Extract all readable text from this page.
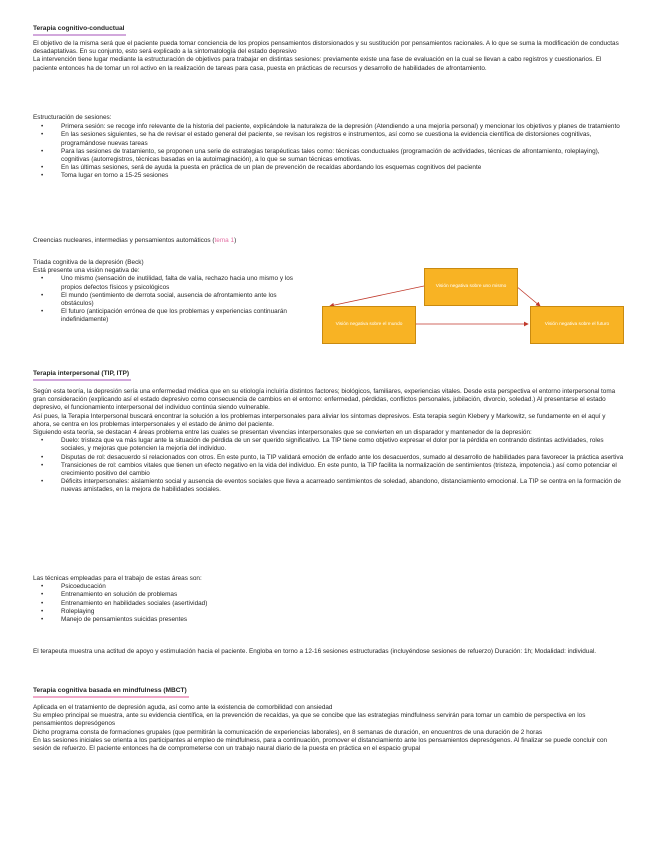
Terapia cognitivo-conductual

El objetivo de la misma será que el paciente pueda tomar conciencia de los propios pensamientos distorsionados y su sustitución por pensamientos racionales. A lo que se suma la modificación de conductas desadaptativas. En su conjunto, esto será explicado a la sintomatología del estado depresivo

La intervención tiene lugar mediante la estructuración de objetivos para trabajar en distintas sesiones: previamente existe una fase de evaluación en la cual se llevan a cabo registros y cuestionarios. El paciente entonces ha de tomar un rol activo en la realización de tareas para casa, puesta en prácticas de recursos y desarrollo de habilidades de afrontamiento.

Estructuración de sesiones:

•	Primera sesión: se recoge info relevante de la historia del paciente, explicándole la naturaleza de la depresión (Atendiendo a una mejoría personal) y mencionar los objetivos y planes de tratamiento
•	En las sesiones siguientes, se ha de revisar el estado general del paciente, se revisan los registros e instrumentos, así como se cuestiona la evidencia científica de distorsiones cognitivas, programándose nuevas tareas
•	Para las sesiones de tratamiento, se proponen una serie de estrategias terapéuticas tales como: técnicas conductuales (programación de actividades, técnicas de afrontamiento, roleplaying), cognitivas (autorregistros, técnicas basadas en la autoimaginación), a lo que se suman técnicas emotivas.
•	En las últimas sesiones, será de ayuda la puesta en práctica de un plan de prevención de recaídas abordando los esquemas cognitivos del paciente
•	Toma lugar en torno a 15-25 sesiones
Creencias nucleares, intermedias y pensamientos automáticos (tema 1)

Triada cognitiva de la depresión (Beck)

Está presente una visión negativa de:

•	Uno mismo (sensación de inutilidad, falta de valía, rechazo hacia uno mismo y los propios defectos físicos y psicológicos
•	El mundo (sentimiento de derrota social, ausencia de afrontamiento ante los obstáculos)
•	El futuro (anticipación errónea de que los problemas y experiencias continuarán indefinidamente)
Visión negativa sobre uno mismo
Visión negativa sobre el mundo	Visión negativa sobre el futuro
Terapia interpersonal (TIP, ITP)

Según esta teoría, la depresión sería una enfermedad médica que en su etiología incluiría distintos factores; biológicos, familiares, experiencias vitales. Desde esta perspectiva el entorno interpersonal toma gran consideración (explicando así el estado depresivo como consecuencia de cambios en el entorno: enfermedad, pérdidas, conflictos personales, jubilación, divorcio, soledad.) Al presentarse el estado depresivo, el funcionamiento interpersonal del individuo continúa siendo vulnerable.

Así pues, la Terapia Interpersonal buscará encontrar la solución a los problemas interpersonales para aliviar los síntomas depresivos. Esta terapia según Klebery y Markowitz, se fundamente en el aquí y ahora, se centra en los problemas interpersonales y el estado de ánimo del paciente.

Siguiendo esta teoría, se destacan 4 áreas problema entre las cuales se presentan vivencias interpersonales que se convierten en un disparador y mantenedor de la depresión:

•	Duelo: tristeza que va más lugar ante la situación de pérdida de un ser querido significativo. La TIP tiene como objetivo expresar el dolor por la pérdida en contrando distintas actividades, roles sociales, y mejoras que potencien la mejoría del individuo.
•	Disputas de rol: desacuerdo sí relacionados con otros. En este punto, la TIP validará emoción de enfado ante los desacuerdos, sumado al desarrollo de habilidades para favorecer la práctica asertiva
•	Transiciones de rol: cambios vitales que tienen un efecto negativo en la vida del individuo. En este punto, la TIP facilita la normalización de sentimientos (tristeza, impotencia.) así como potenciar el crecimiento positivo del cambio
•	Déficits interpersonales: aislamiento social y ausencia de eventos sociales que lleva a acarreado sentimientos de soledad, abandono, distanciamiento emocional. La TIP se centra en la formación de nuevas amistades, en la mejora de habilidades sociales.

Las técnicas empleadas para el trabajo de estas áreas son:

•	Psicoeducación
•	Entrenamiento en solución de problemas
•	Entrenamiento en habilidades sociales (asertividad)
•	Roleplaying
•	Manejo de pensamientos suicidas presentes

El terapeuta muestra una actitud de apoyo y estimulación hacia el paciente. Engloba en torno a 12-16 sesiones estructuradas (incluyéndose sesiones de refuerzo) Duración: 1h; Modalidad: individual.

Terapia cognitiva basada en mindfulness (MBCT)

Aplicada en el tratamiento de depresión aguda, así como ante la existencia de comorbilidad con ansiedad

Su empleo principal se muestra, ante su evidencia científica, en la prevención de recaídas, ya que se concibe que las estrategias mindfulness servirán para tomar un cambio de perspectiva en los pensamientos depresógenos

Dicho programa consta de formaciones grupales (que permitirán la comunicación de experiencias laborales), en 8 semanas de duración, en encuentros de una duración de 2 horas

En las sesiones iniciales se orienta a los participantes al empleo de mindfulness, para a continuación, promover el distanciamiento ante los pensamientos depresógenos. Al finalizar se puede concluir con sesión de refuerzo. El paciente entonces ha de comprometerse con un trabajo naural diario de la puesta en práctica en el espacio grupal
